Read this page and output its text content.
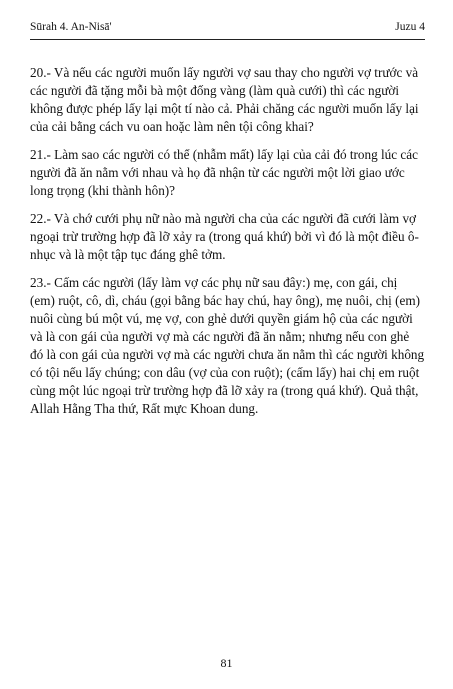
Sūrah 4. An-Nisā'	Juzu 4

20.- Và nếu các người muốn lấy người vợ sau thay cho người vợ trước và các người đã tặng mỗi bà một đống vàng (làm quà cưới) thì các người không được phép lấy lại một tí nào cả. Phải chăng các người muốn lấy lại của cải bằng cách vu oan hoặc làm nên tội công khai?

21.- Làm sao các người có thể (nhẫm mất) lấy lại của cải đó trong lúc các người đã ăn nằm với nhau và họ đã nhận từ các người một lời giao ước long trọng (khi thành hôn)?

22.- Và chớ cưới phụ nữ nào mà người cha của các người đã cưới làm vợ ngoại trừ trường hợp đã lỡ xảy ra (trong quá khứ) bởi vì đó là một điều ô-nhục và là một tập tục đáng ghê tởm.

23.- Cấm các người (lấy làm vợ các phụ nữ sau đây:) mẹ, con gái, chị (em) ruột, cô, dì, cháu (gọi bằng bác hay chú, hay ông), mẹ nuôi, chị (em) nuôi cùng bú một vú, mẹ vợ, con ghẻ dưới quyền giám hộ của các người và là con gái của người vợ mà các người đã ăn nằm; nhưng nếu con ghẻ đó là con gái của người vợ mà các người chưa ăn nằm thì các người không có tội nếu lấy chúng; con dâu (vợ của con ruột); (cấm lấy) hai chị em ruột cùng một lúc ngoại trừ trường hợp đã lỡ xảy ra (trong quá khứ). Quả thật, Allah Hằng Tha thứ, Rất mực Khoan dung.

81
